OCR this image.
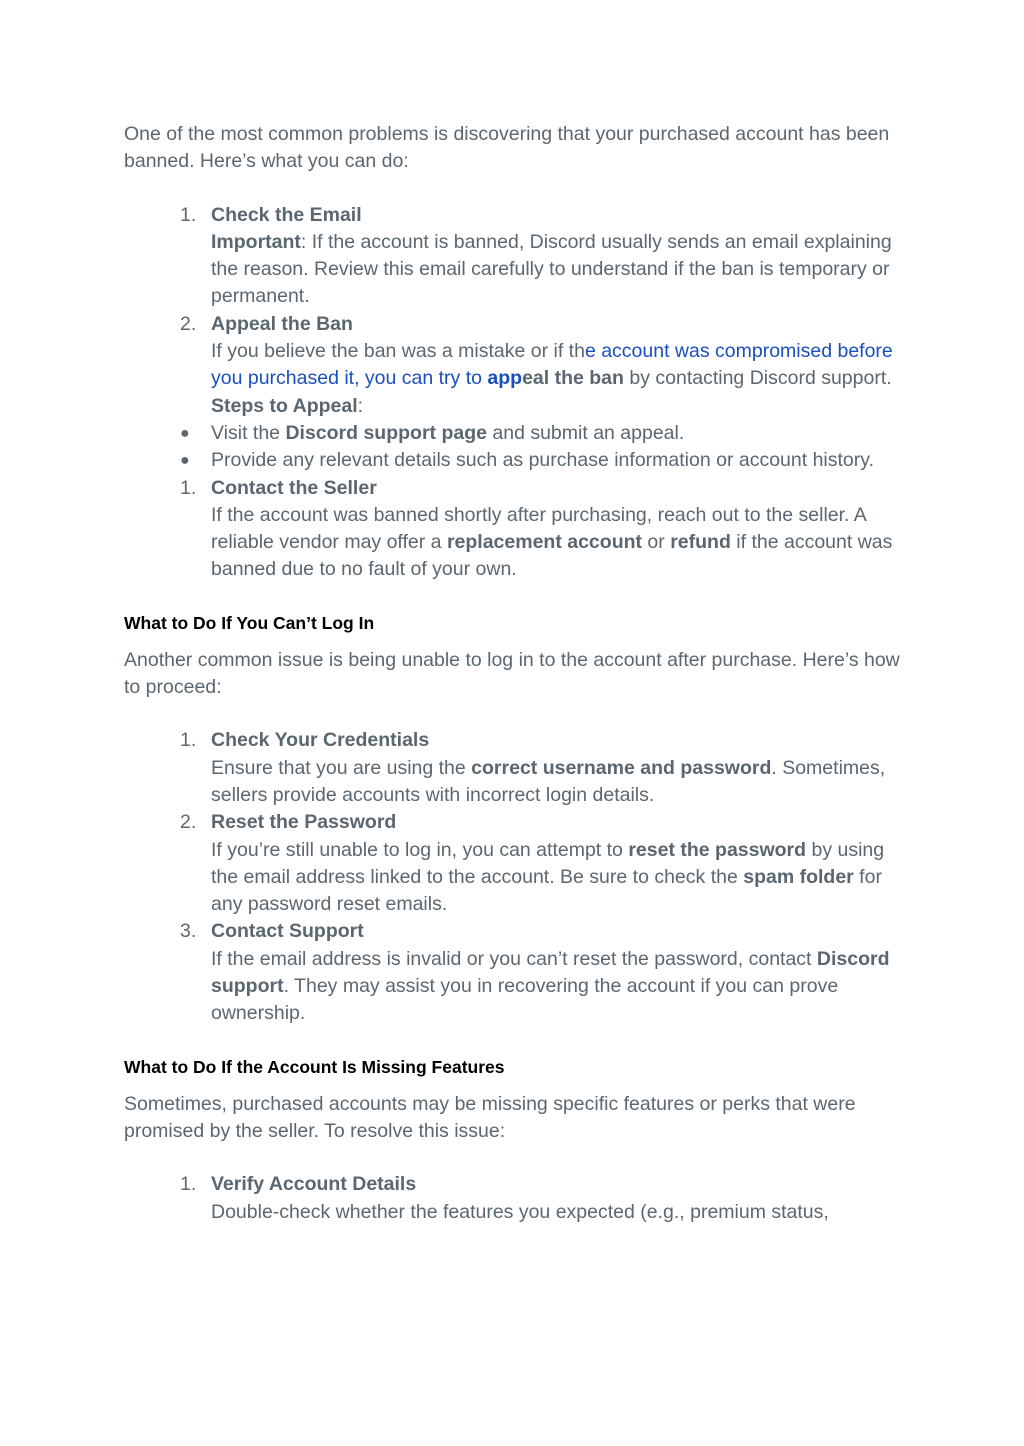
One of the most common problems is discovering that your purchased account has been banned. Here’s what you can do:

1. Check the Email
Important: If the account is banned, Discord usually sends an email explaining the reason. Review this email carefully to understand if the ban is temporary or permanent.
2. Appeal the Ban
If you believe the ban was a mistake or if the account was compromised before you purchased it, you can try to appeal the ban by contacting Discord support.
Steps to Appeal:
● Visit the Discord support page and submit an appeal.
● Provide any relevant details such as purchase information or account history.
1. Contact the Seller
If the account was banned shortly after purchasing, reach out to the seller. A reliable vendor may offer a replacement account or refund if the account was banned due to no fault of your own.
What to Do If You Can’t Log In

Another common issue is being unable to log in to the account after purchase. Here’s how to proceed:

1. Check Your Credentials
Ensure that you are using the correct username and password. Sometimes, sellers provide accounts with incorrect login details.
2. Reset the Password
If you’re still unable to log in, you can attempt to reset the password by using the email address linked to the account. Be sure to check the spam folder for any password reset emails.
3. Contact Support
If the email address is invalid or you can’t reset the password, contact Discord support. They may assist you in recovering the account if you can prove ownership.
What to Do If the Account Is Missing Features

Sometimes, purchased accounts may be missing specific features or perks that were promised by the seller. To resolve this issue:

1. Verify Account Details
Double-check whether the features you expected (e.g., premium status,
